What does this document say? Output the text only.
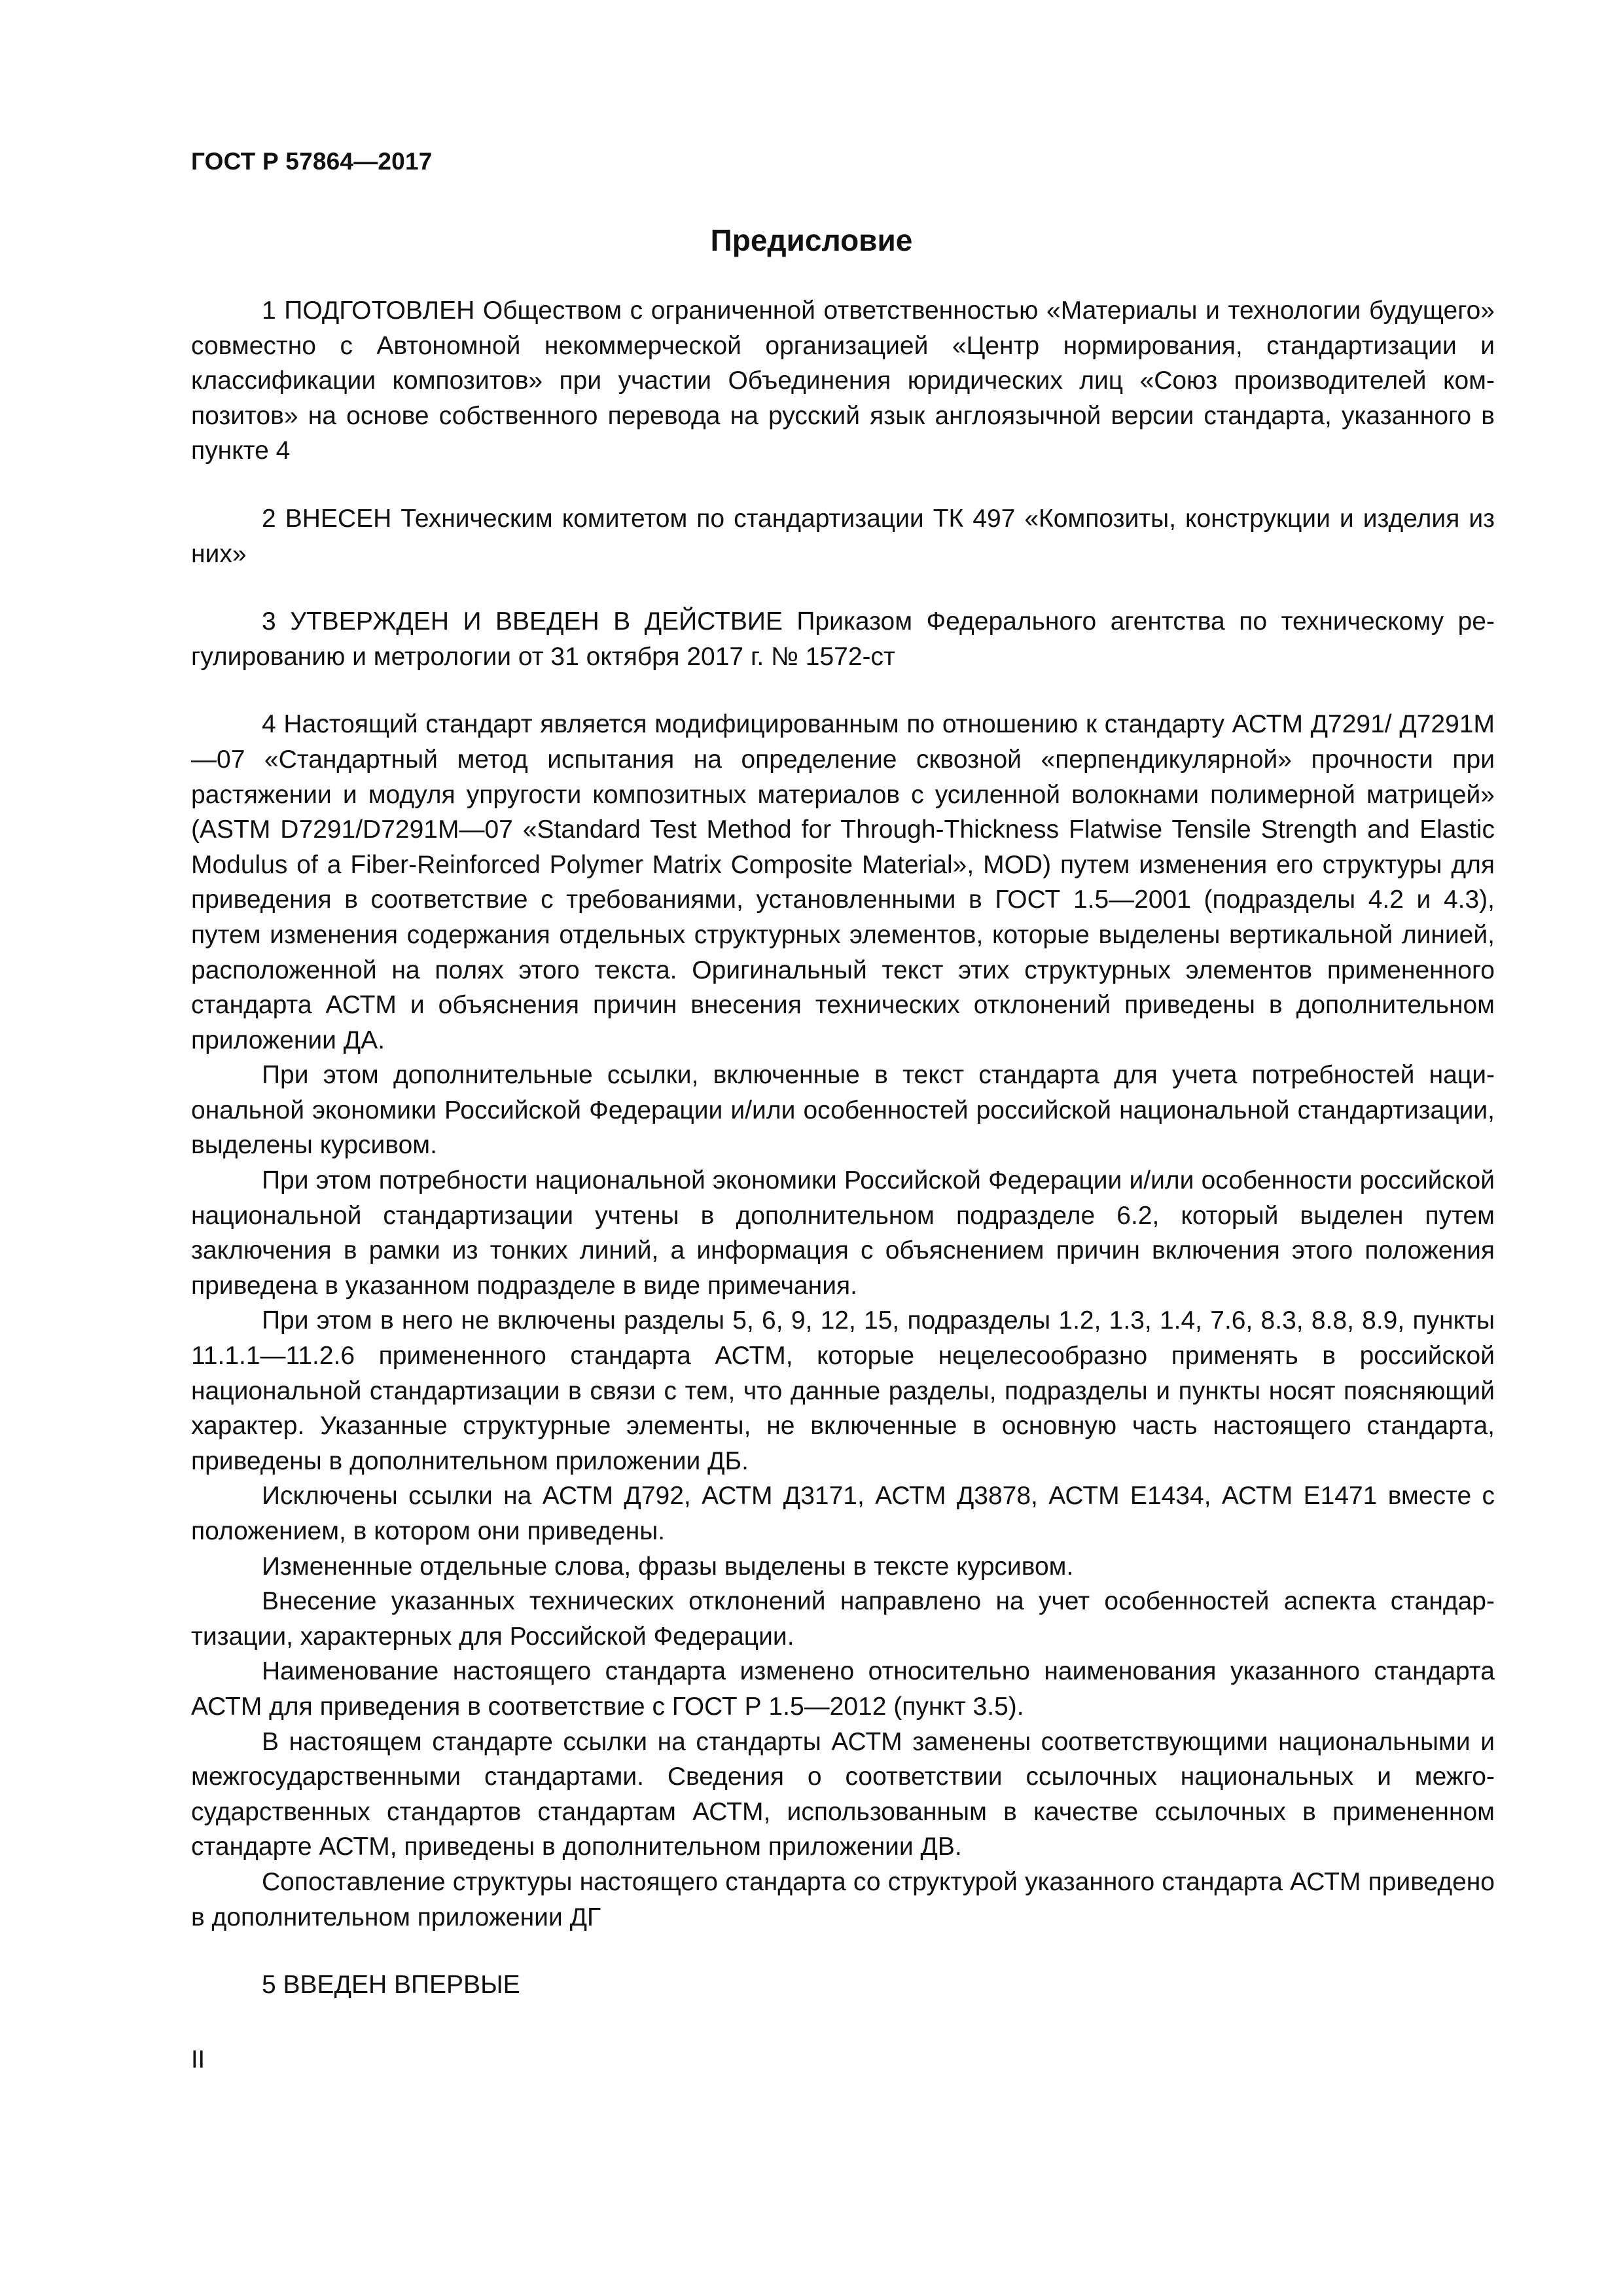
ГОСТ Р 57864—2017
Предисловие

1 ПОДГОТОВЛЕН Обществом с ограниченной ответственностью «Материалы и технологии будущего» совместно с Автономной некоммерческой организацией «Центр нормирования, стандартизации и классификации композитов» при участии Объединения юридических лиц «Союз производителей композитов» на основе собственного перевода на русский язык англоязычной версии стандарта, указанного в пункте 4

2 ВНЕСЕН Техническим комитетом по стандартизации ТК 497 «Композиты, конструкции и изделия из них»

3 УТВЕРЖДЕН И ВВЕДЕН В ДЕЙСТВИЕ Приказом Федерального агентства по техническому регулированию и метрологии от 31 октября 2017 г. № 1572-ст

4 Настоящий стандарт является модифицированным по отношению к стандарту АСТМ Д7291/ Д7291М—07 «Стандартный метод испытания на определение сквозной «перпендикулярной» прочности при растяжении и модуля упругости композитных материалов с усиленной волокнами полимерной матрицей» (ASTM D7291/D7291M—07 «Standard Test Method for Through-Thickness Flatwise Tensile Strength and Elastic Modulus of a Fiber-Reinforced Polymer Matrix Composite Material», MOD) путем изменения его структуры для приведения в соответствие с требованиями, установленными в ГОСТ 1.5—2001 (подразделы 4.2 и 4.3), путем изменения содержания отдельных структурных элементов, которые выделены вертикальной линией, расположенной на полях этого текста. Оригинальный текст этих структурных элементов примененного стандарта АСТМ и объяснения причин внесения технических отклонений приведены в дополнительном приложении ДА.

При этом дополнительные ссылки, включенные в текст стандарта для учета потребностей национальной экономики Российской Федерации и/или особенностей российской национальной стандартизации, выделены курсивом.

При этом потребности национальной экономики Российской Федерации и/или особенности российской национальной стандартизации учтены в дополнительном подразделе 6.2, который выделен путем заключения в рамки из тонких линий, а информация с объяснением причин включения этого положения приведена в указанном подразделе в виде примечания.

При этом в него не включены разделы 5, 6, 9, 12, 15, подразделы 1.2, 1.3, 1.4, 7.6, 8.3, 8.8, 8.9, пункты 11.1.1—11.2.6 примененного стандарта АСТМ, которые нецелесообразно применять в российской национальной стандартизации в связи с тем, что данные разделы, подразделы и пункты носят поясняющий характер. Указанные структурные элементы, не включенные в основную часть настоящего стандарта, приведены в дополнительном приложении ДБ.

Исключены ссылки на АСТМ Д792, АСТМ Д3171, АСТМ Д3878, АСТМ Е1434, АСТМ Е1471 вместе с положением, в котором они приведены.

Измененные отдельные слова, фразы выделены в тексте курсивом.

Внесение указанных технических отклонений направлено на учет особенностей аспекта стандартизации, характерных для Российской Федерации.

Наименование настоящего стандарта изменено относительно наименования указанного стандарта АСТМ для приведения в соответствие с ГОСТ Р 1.5—2012 (пункт 3.5).

В настоящем стандарте ссылки на стандарты АСТМ заменены соответствующими национальными и межгосударственными стандартами. Сведения о соответствии ссылочных национальных и межгосударственных стандартов стандартам АСТМ, использованным в качестве ссылочных в примененном стандарте АСТМ, приведены в дополнительном приложении ДВ.

Сопоставление структуры настоящего стандарта со структурой указанного стандарта АСТМ приведено в дополнительном приложении ДГ

5 ВВЕДЕН ВПЕРВЫЕ

II
